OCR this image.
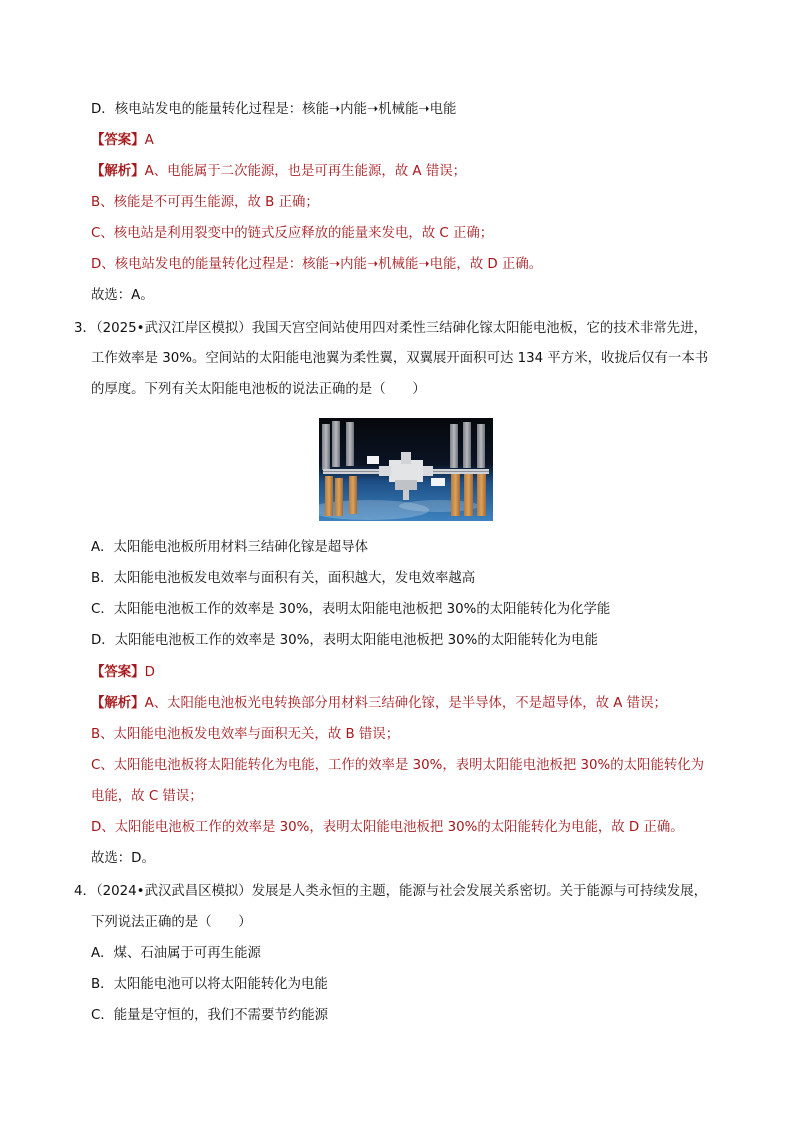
D．核电站发电的能量转化过程是：核能➝内能➝机械能➝电能
【答案】A
【解析】A、电能属于二次能源，也是可再生能源，故 A 错误；
B、核能是不可再生能源，故 B 正确；
C、核电站是利用裂变中的链式反应释放的能量来发电，故 C 正确；
D、核电站发电的能量转化过程是：核能➝内能➝机械能➝电能，故 D 正确。
故选：A。
3．（2025•武汉江岸区模拟）我国天宫空间站使用四对柔性三结砷化镓太阳能电池板，它的技术非常先进，
工作效率是 30%。空间站的太阳能电池翼为柔性翼，双翼展开面积可达 134 平方米，收拢后仅有一本书
的厚度。下列有关太阳能电池板的说法正确的是（　　）
A．太阳能电池板所用材料三结砷化镓是超导体
B．太阳能电池板发电效率与面积有关，面积越大，发电效率越高
C．太阳能电池板工作的效率是 30%，表明太阳能电池板把 30%的太阳能转化为化学能
D．太阳能电池板工作的效率是 30%，表明太阳能电池板把 30%的太阳能转化为电能
【答案】D
【解析】A、太阳能电池板光电转换部分用材料三结砷化镓，是半导体，不是超导体，故 A 错误；
B、太阳能电池板发电效率与面积无关，故 B 错误；
C、太阳能电池板将太阳能转化为电能，工作的效率是 30%，表明太阳能电池板把 30%的太阳能转化为
电能，故 C 错误；
D、太阳能电池板工作的效率是 30%，表明太阳能电池板把 30%的太阳能转化为电能，故 D 正确。
故选：D。
4．（2024•武汉武昌区模拟）发展是人类永恒的主题，能源与社会发展关系密切。关于能源与可持续发展，
下列说法正确的是（　　）
A．煤、石油属于可再生能源
B．太阳能电池可以将太阳能转化为电能
C．能量是守恒的，我们不需要节约能源
